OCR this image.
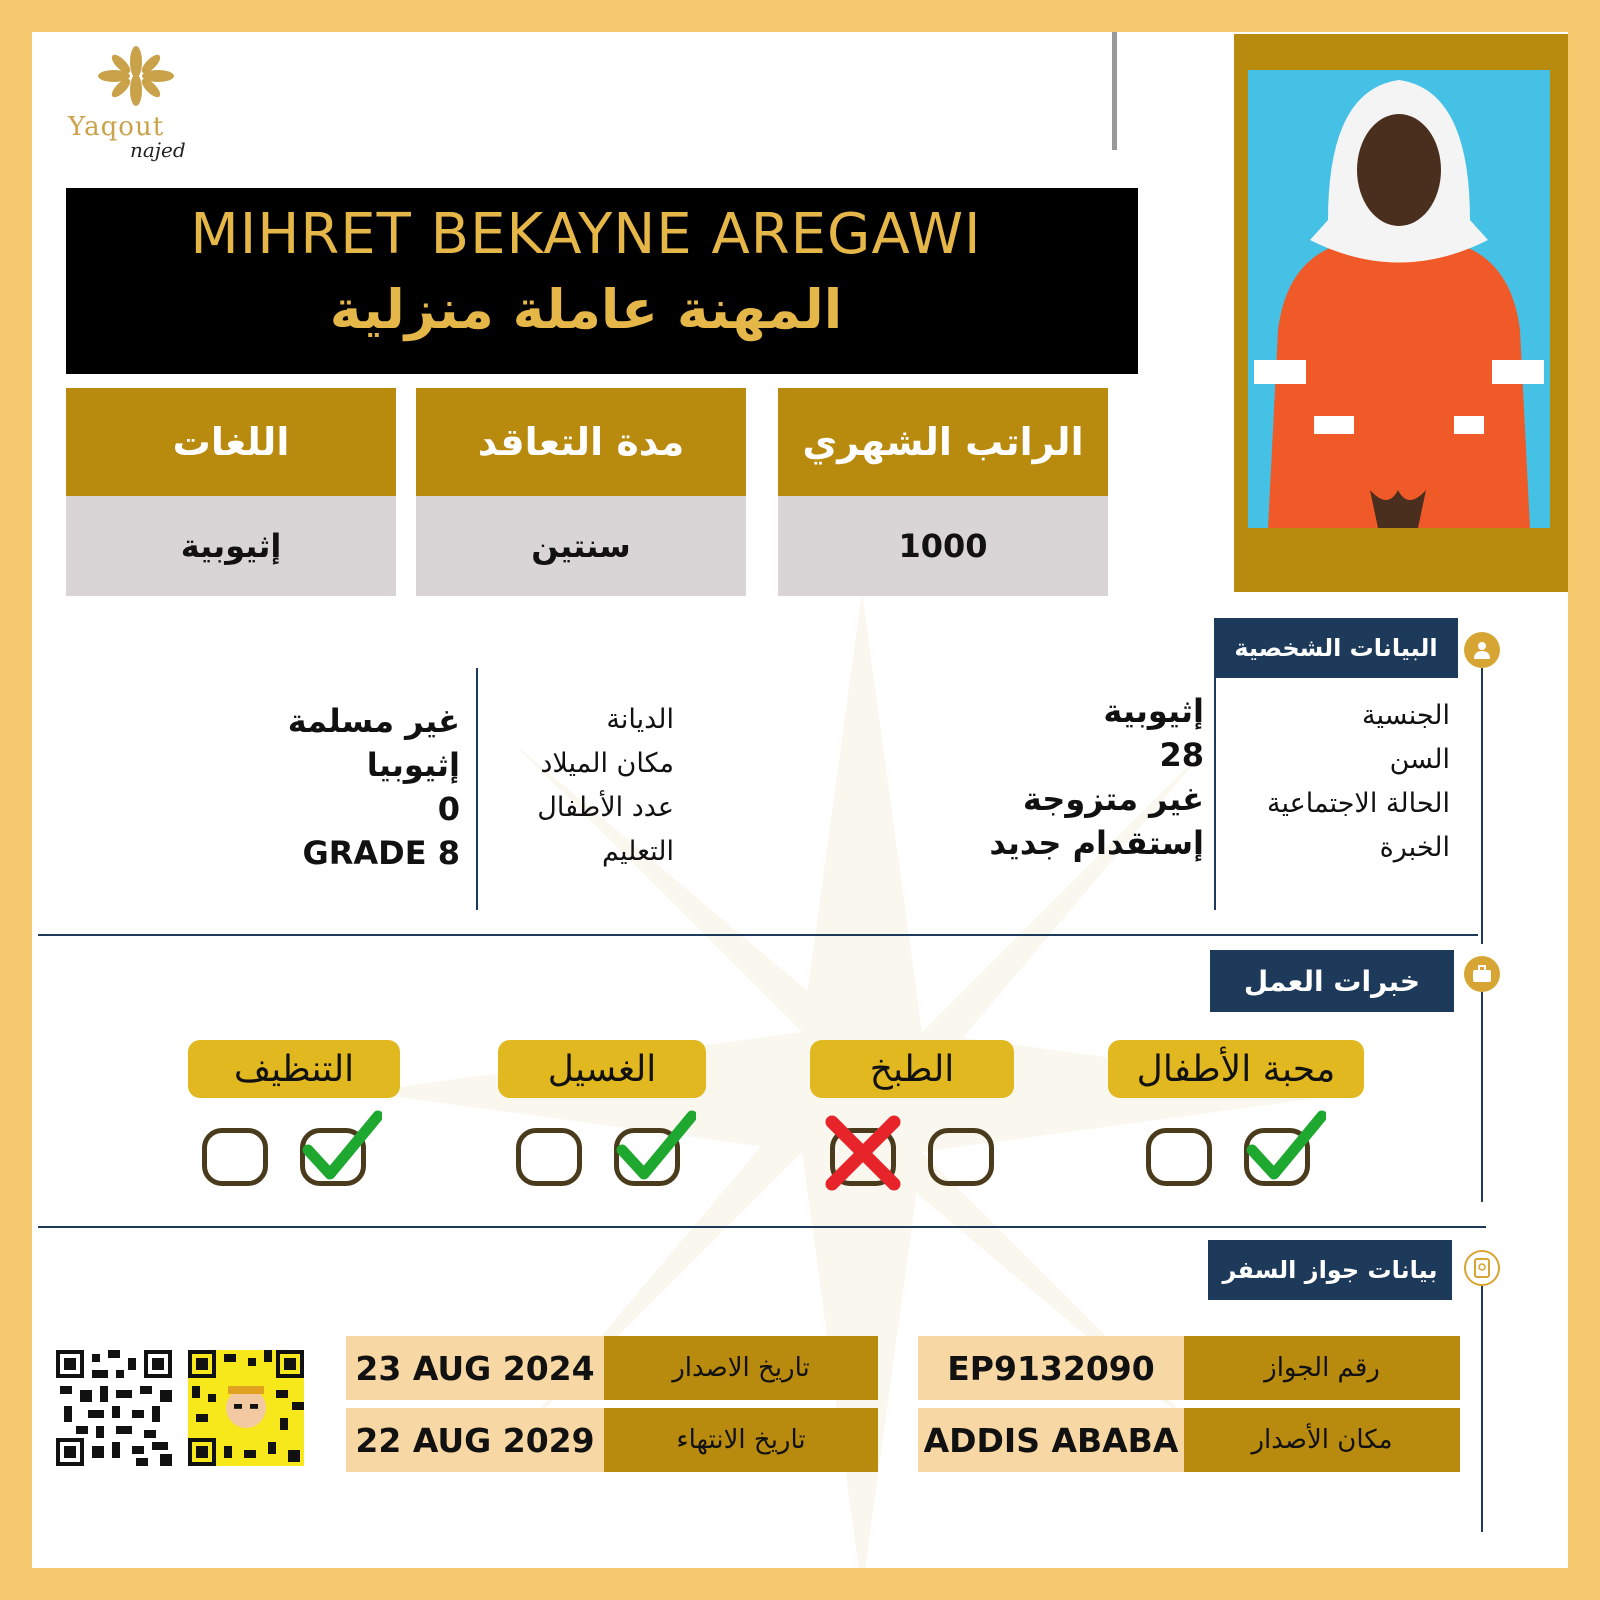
Yaqout
najed
MIHRET BEKAYNE AREGAWI
المهنة عاملة منزلية
الراتب الشهري
1000
مدة التعاقد
سنتين
اللغات
إثيوبية
البيانات الشخصية
الجنسية
السن
الحالة الاجتماعية
الخبرة
إثيوبية
28
غير متزوجة
إستقدام جديد
الديانة
مكان الميلاد
عدد الأطفال
التعليم
غير مسلمة
إثيوبيا
0
GRADE 8
خبرات العمل
محبة الأطفال
الطبخ
الغسيل
التنظيف
بيانات جواز السفر
رقم الجواز
EP9132090
مكان الأصدار
ADDIS ABABA
تاريخ الاصدار
23 AUG 2024
تاريخ الانتهاء
22 AUG 2029
